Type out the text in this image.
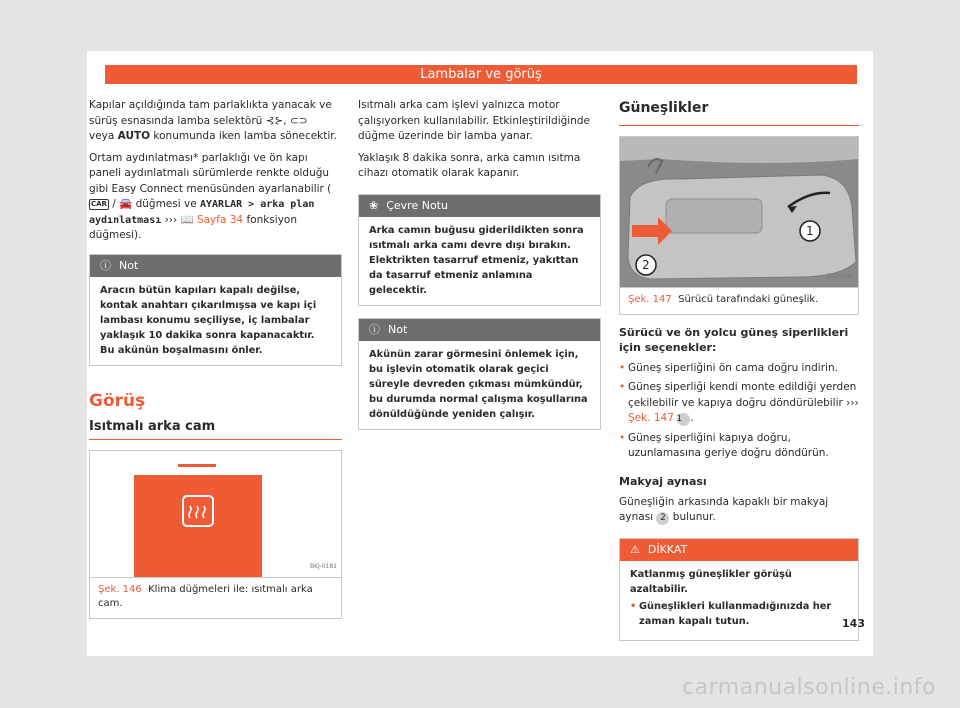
Lambalar ve görüş

Kapılar açıldığında tam parlaklıkta yanacak ve sürüş esnasında lamba selektörü ⊰⊱, ⊂⊃
veya AUTO konumunda iken lamba sönecektir.

Ortam aydınlatması* parlaklığı ve ön kapı paneli aydınlatmalı sürümlerde renkte olduğu gibi Easy Connect menüsünden ayarlanabilir (CAR / 🚘 düğmesi ve AYARLAR > arka plan aydınlatması ››› 📖 Sayfa 34 fonksiyon düğmesi).

ⓘ Not
Aracın bütün kapıları kapalı değilse, kontak anahtarı çıkarılmışsa ve kapı içi lambası konumu seçiliyse, iç lambalar yaklaşık 10 dakika sonra kapanacaktır. Bu akünün boşalmasını önler.
Görüş
Isıtmalı arka cam
BKJ-0181
Şek. 146 Klima düğmeleri ile: ısıtmalı arka cam.

Isıtmalı arka cam işlevi yalnızca motor çalışıyorken kullanılabilir. Etkinleştirildiğinde düğme üzerinde bir lamba yanar.

Yaklaşık 8 dakika sonra, arka camın ısıtma cihazı otomatik olarak kapanır.

❀ Çevre Notu
Arka camın buğusu giderildikten sonra ısıtmalı arka camı devre dışı bırakın. Elektrikten tasarruf etmeniz, yakıttan da tasarruf etmeniz anlamına gelecektir.
ⓘ Not
Akünün zarar görmesini önlemek için, bu işlevin otomatik olarak geçici süreyle devreden çıkması mümkündür, bu durumda normal çalışma koşullarına dönüldüğünde yeniden çalışır.
Güneşlikler
1
2
BKJ-0182
Şek. 147 Sürücü tarafındaki güneşlik.
Sürücü ve ön yolcu güneş siperlikleri için seçenekler:
• Güneş siperliğini ön cama doğru indirin.
• Güneş siperliği kendi monte edildiği yerden çekilebilir ve kapıya doğru döndürülebilir ››› Şek. 147 1 .
• Güneş siperliğini kapıya doğru, uzunlamasına geriye doğru döndürün.
Makyaj aynası

Güneşliğin arkasında kapaklı bir makyaj aynası 2 bulunur.

⚠ DİKKAT
Katlanmış güneşlikler görüşü azaltabilir.
• Güneşlikleri kullanmadığınızda her zaman kapalı tutun.	143
carmanualsonline.info
